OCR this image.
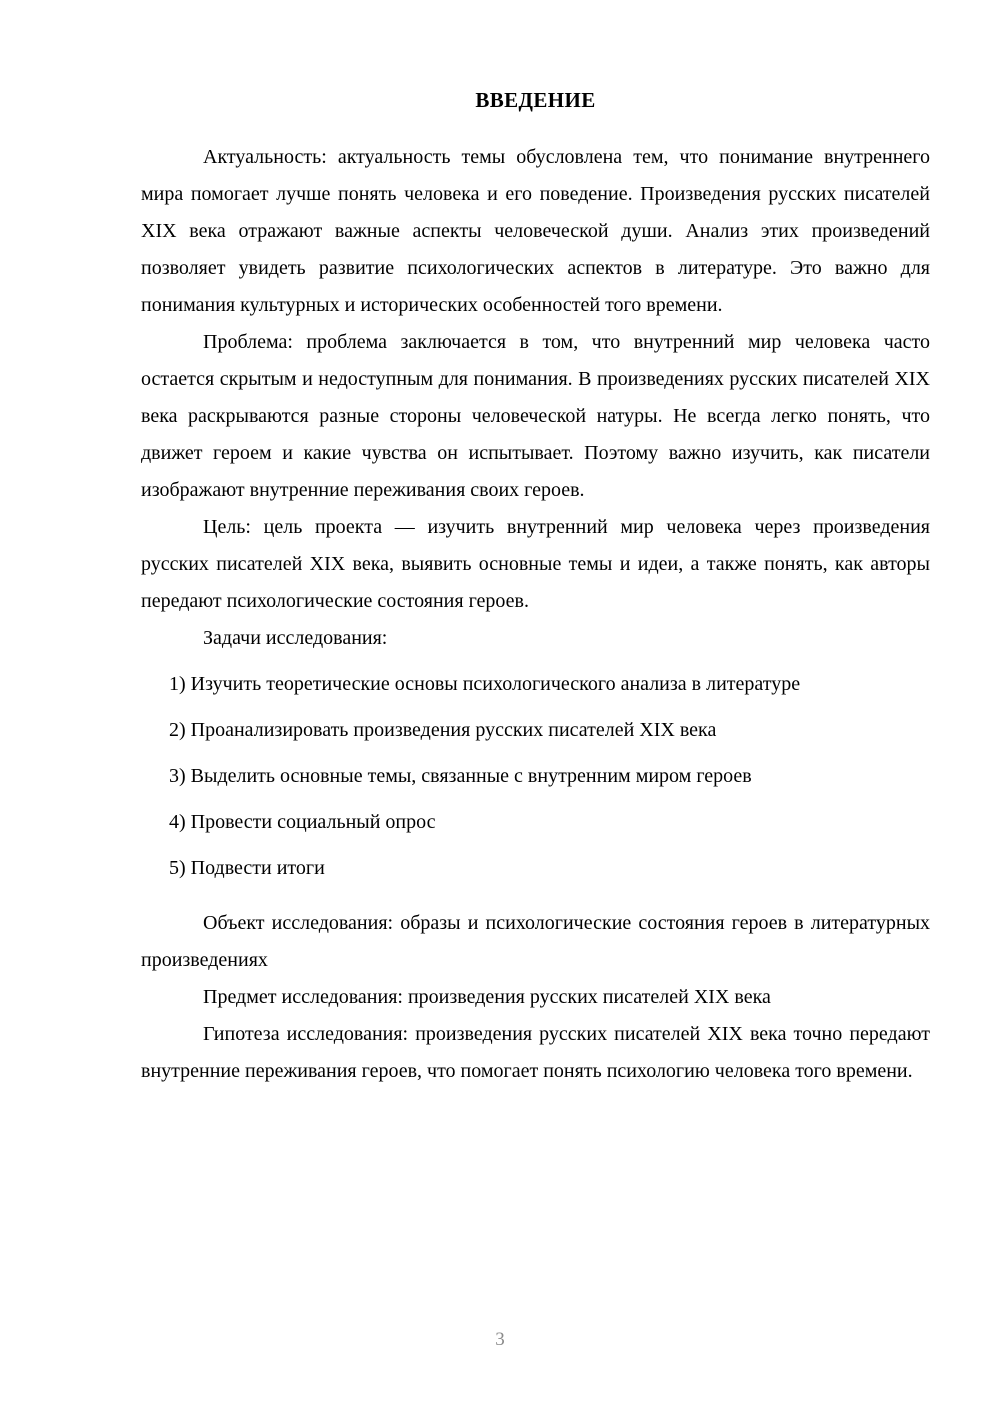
ВВЕДЕНИЕ

Актуальность: актуальность темы обусловлена тем, что понимание внутреннего мира помогает лучше понять человека и его поведение. Произведения русских писателей XIX века отражают важные аспекты человеческой души. Анализ этих произведений позволяет увидеть развитие психологических аспектов в литературе. Это важно для понимания культурных и исторических особенностей того времени.

Проблема: проблема заключается в том, что внутренний мир человека часто остается скрытым и недоступным для понимания. В произведениях русских писателей XIX века раскрываются разные стороны человеческой натуры. Не всегда легко понять, что движет героем и какие чувства он испытывает. Поэтому важно изучить, как писатели изображают внутренние переживания своих героев.

Цель: цель проекта — изучить внутренний мир человека через произведения русских писателей XIX века, выявить основные темы и идеи, а также понять, как авторы передают психологические состояния героев.

Задачи исследования:

1) Изучить теоретические основы психологического анализа в литературе
2) Проанализировать произведения русских писателей XIX века
3) Выделить основные темы, связанные с внутренним миром героев
4) Провести социальный опрос
5) Подвести итоги

Объект исследования: образы и психологические состояния героев в литературных произведениях

Предмет исследования: произведения русских писателей XIX века

Гипотеза исследования: произведения русских писателей XIX века точно передают внутренние переживания героев, что помогает понять психологию человека того времени.

3
